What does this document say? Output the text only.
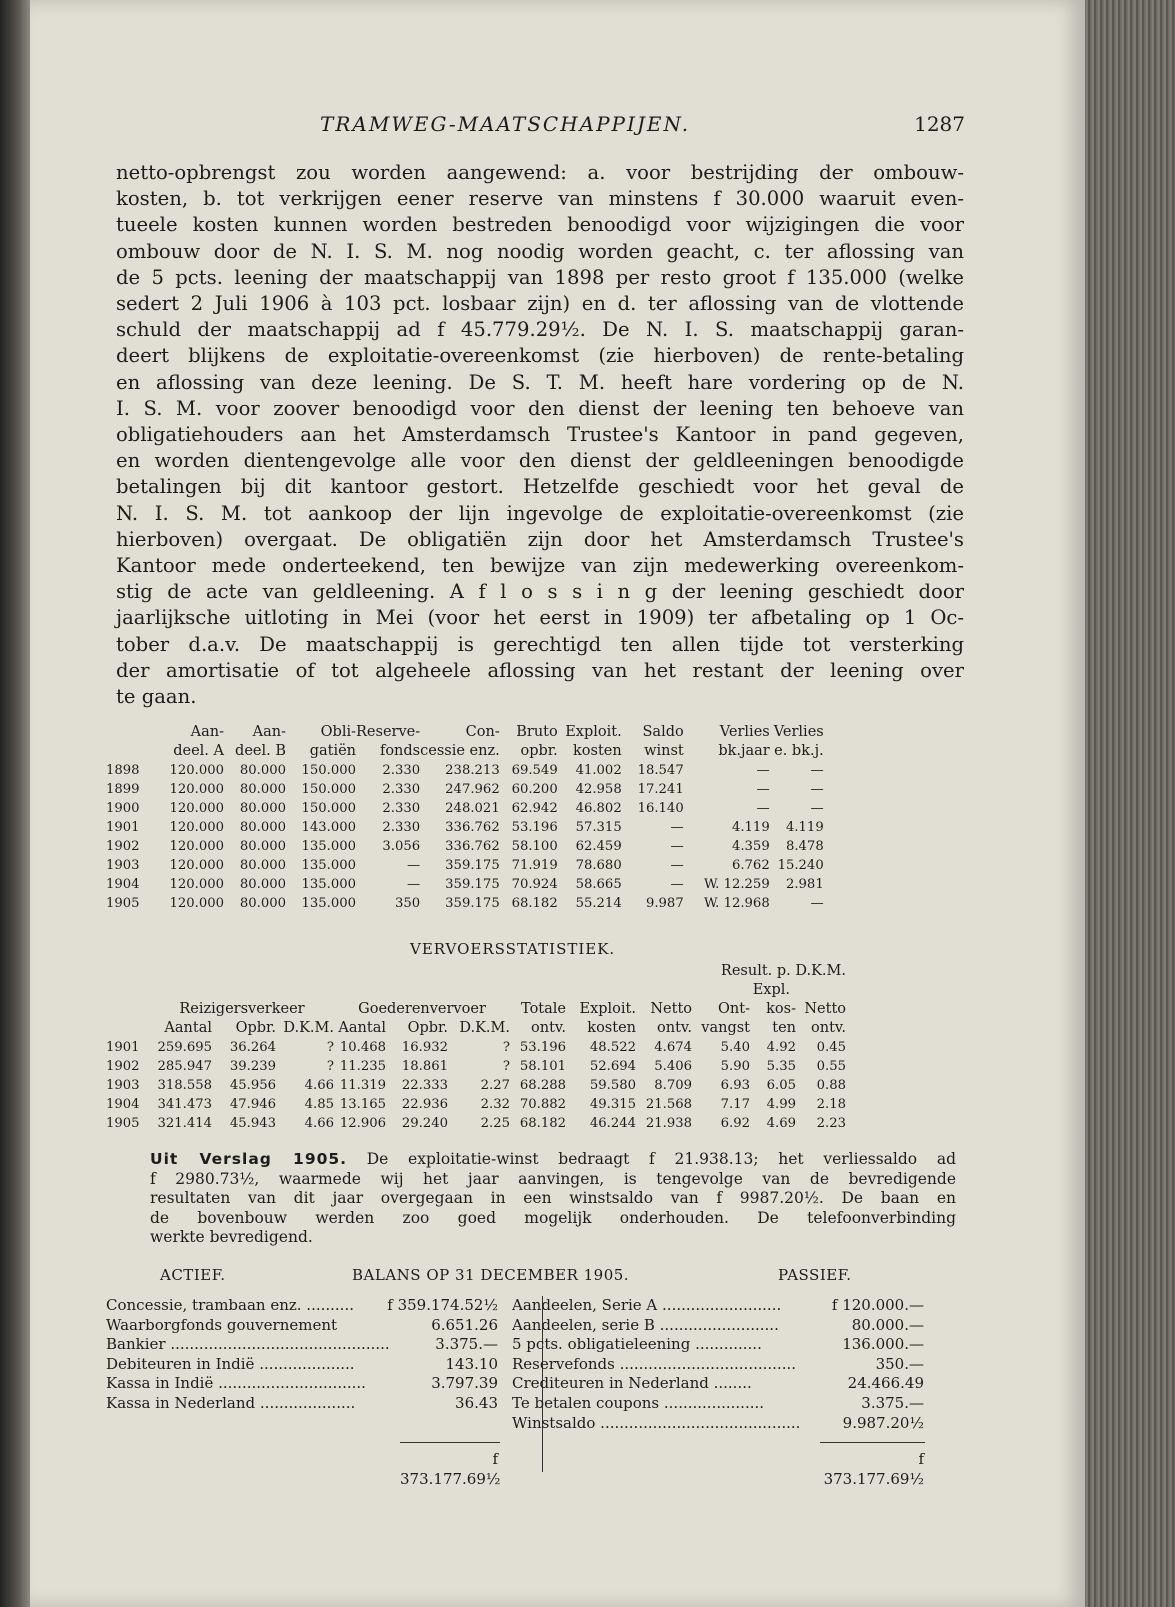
TRAMWEG-MAATSCHAPPIJEN.	1287
netto-opbrengst zou worden aangewend: a. voor bestrijding der ombouw-
kosten, b. tot verkrijgen eener reserve van minstens f 30.000 waaruit even-
tueele kosten kunnen worden bestreden benoodigd voor wijzigingen die voor
ombouw door de N. I. S. M. nog noodig worden geacht, c. ter aflossing van
de 5 pcts. leening der maatschappij van 1898 per resto groot f 135.000 (welke
sedert 2 Juli 1906 à 103 pct. losbaar zijn) en d. ter aflossing van de vlottende
schuld der maatschappij ad f 45.779.29½. De N. I. S. maatschappij garan-
deert blijkens de exploitatie-overeenkomst (zie hierboven) de rente-betaling
en aflossing van deze leening. De S. T. M. heeft hare vordering op de N.
I. S. M. voor zoover benoodigd voor den dienst der leening ten behoeve van
obligatiehouders aan het Amsterdamsch Trustee's Kantoor in pand gegeven,
en worden dientengevolge alle voor den dienst der geldleeningen benoodigde
betalingen bij dit kantoor gestort. Hetzelfde geschiedt voor het geval de
N. I. S. M. tot aankoop der lijn ingevolge de exploitatie-overeenkomst (zie
hierboven) overgaat. De obligatiën zijn door het Amsterdamsch Trustee's
Kantoor mede onderteekend, ten bewijze van zijn medewerking overeenkom-
stig de acte van geldleening. A f l o s s i n g der leening geschiedt door
jaarlijksche uitloting in Mei (voor het eerst in 1909) ter afbetaling op 1 Oc-
tober d.a.v. De maatschappij is gerechtigd ten allen tijde tot versterking
der amortisatie of tot algeheele aflossing van het restant der leening over
te gaan.
	Aan-	Aan-	Obli-	Reserve-	Con-	Bruto	Exploit.	Saldo	Verlies	Verlies
	deel. A	deel. B	gatiën	fonds	cessie enz.	opbr.	kosten	winst	bk.jaar	e. bk.j.
1898	120.000	80.000	150.000	2.330	238.213	69.549	41.002	18.547	—	—
1899	120.000	80.000	150.000	2.330	247.962	60.200	42.958	17.241	—	—
1900	120.000	80.000	150.000	2.330	248.021	62.942	46.802	16.140	—	—
1901	120.000	80.000	143.000	2.330	336.762	53.196	57.315	—	4.119	4.119
1902	120.000	80.000	135.000	3.056	336.762	58.100	62.459	—	4.359	8.478
1903	120.000	80.000	135.000	—	359.175	71.919	78.680	—	6.762	15.240
1904	120.000	80.000	135.000	—	359.175	70.924	58.665	—	W. 12.259	2.981
1905	120.000	80.000	135.000	350	359.175	68.182	55.214	9.987	W. 12.968	—
VERVOERSSTATISTIEK.
Result. p. D.K.M.												
Expl.												
	Reizigersverkeer			Goederenvervoer			Totale	Exploit.	Netto	Ont-	kos-	Netto
	Aantal	Opbr.	D.K.M.	Aantal	Opbr.	D.K.M.	ontv.	kosten	ontv.	vangst	ten	ontv.
1901	259.695	36.264	?	10.468	16.932	?	53.196	48.522	4.674	5.40	4.92	0.45
1902	285.947	39.239	?	11.235	18.861	?	58.101	52.694	5.406	5.90	5.35	0.55
1903	318.558	45.956	4.66	11.319	22.333	2.27	68.288	59.580	8.709	6.93	6.05	0.88
1904	341.473	47.946	4.85	13.165	22.936	2.32	70.882	49.315	21.568	7.17	4.99	2.18
1905	321.414	45.943	4.66	12.906	29.240	2.25	68.182	46.244	21.938	6.92	4.69	2.23
Uit Verslag 1905. De exploitatie-winst bedraagt f 21.938.13; het verliessaldo ad
f 2980.73½, waarmede wij het jaar aanvingen, is tengevolge van de bevredigende
resultaten van dit jaar overgegaan in een winstsaldo van f 9987.20½. De baan en
de bovenbouw werden zoo goed mogelijk onderhouden. De telefoonverbinding
werkte bevredigend.
ACTIEF.	BALANS OP 31 DECEMBER 1905.	PASSIEF.
Concessie, trambaan enz. ..........	f 359.174.52½
Waarborgfonds gouvernement	6.651.26
Bankier ..............................................	3.375.—
Debiteuren in Indië ....................	143.10
Kassa in Indië ...............................	3.797.39
Kassa in Nederland ....................	36.43
Aandeelen, Serie A .........................	f 120.000.—
Aandeelen, serie B .........................	80.000.—
5 pcts. obligatieleening ..............	136.000.—
Reservefonds .....................................	350.—
Crediteuren in Nederland ........	24.466.49
Te betalen coupons .....................	3.375.—
Winstsaldo ..........................................	9.987.20½
f 373.177.69½
f 373.177.69½
